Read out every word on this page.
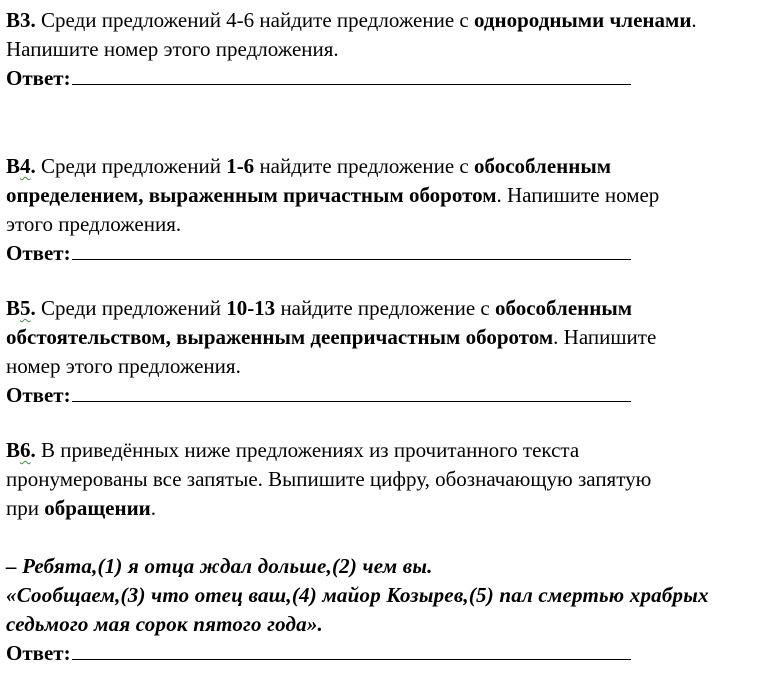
B3. Среди предложений 4-6 найдите предложение с однородными членами.
Напишите номер этого предложения.
Ответ:
В4. Среди предложений 1-6 найдите предложение с обособленным
определением, выраженным причастным оборотом. Напишите номер
этого предложения.
Ответ:
В5. Среди предложений 10-13 найдите предложение с обособленным
обстоятельством, выраженным деепричастным оборотом. Напишите
номер этого предложения.
Ответ:
В6. В приведённых ниже предложениях из прочитанного текста
пронумерованы все запятые. Выпишите цифру, обозначающую запятую
при обращении.
– Ребята,(1) я отца ждал дольше,(2) чем вы.
«Сообщаем,(3) что отец ваш,(4) майор Козырев,(5) пал смертью храбрых
седьмого мая сорок пятого года».
Ответ:
